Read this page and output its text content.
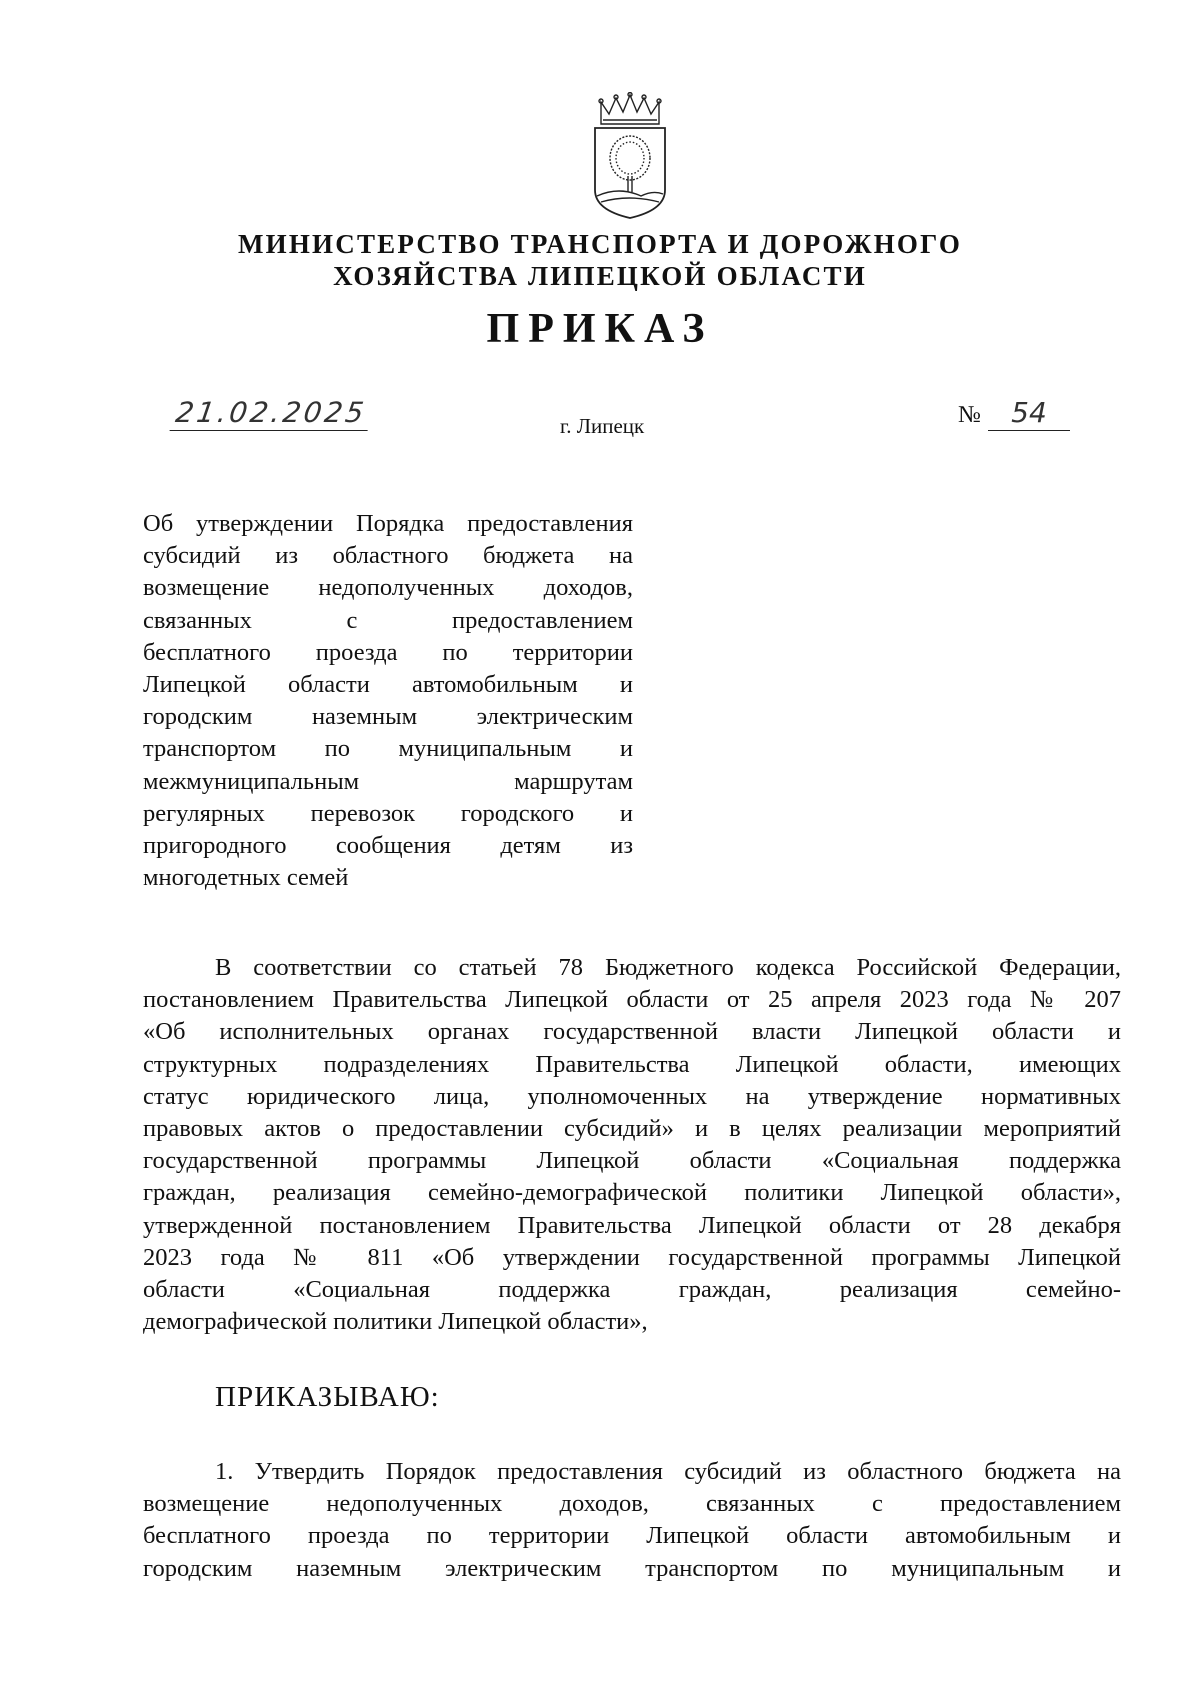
МИНИСТЕРСТВО ТРАНСПОРТА И ДОРОЖНОГО
ХОЗЯЙСТВА ЛИПЕЦКОЙ ОБЛАСТИ
ПРИКАЗ
21.02.2025	г. Липецк	№	54
Об утверждении Порядка предоставления
субсидий из областного бюджета на
возмещение недополученных доходов,
связанных с предоставлением
бесплатного проезда по территории
Липецкой области автомобильным и
городским наземным электрическим
транспортом по муниципальным и
межмуниципальным маршрутам
регулярных перевозок городского и
пригородного сообщения детям из
многодетных семей
В соответствии со статьей 78 Бюджетного кодекса Российской Федерации,
постановлением Правительства Липецкой области от 25 апреля 2023 года № 207
«Об исполнительных органах государственной власти Липецкой области и
структурных подразделениях Правительства Липецкой области, имеющих
статус юридического лица, уполномоченных на утверждение нормативных
правовых актов о предоставлении субсидий» и в целях реализации мероприятий
государственной программы Липецкой области «Социальная поддержка
граждан, реализация семейно-демографической политики Липецкой области»,
утвержденной постановлением Правительства Липецкой области от 28 декабря
2023 года № 811 «Об утверждении государственной программы Липецкой
области «Социальная поддержка граждан, реализация семейно-
демографической политики Липецкой области»,
ПРИКАЗЫВАЮ:
1. Утвердить Порядок предоставления субсидий из областного бюджета на
возмещение недополученных доходов, связанных с предоставлением
бесплатного проезда по территории Липецкой области автомобильным и
городским наземным электрическим транспортом по муниципальным и
